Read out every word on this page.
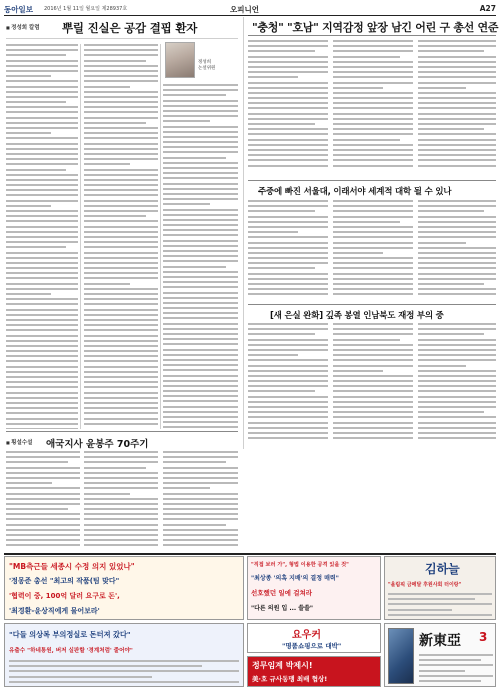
동아일보 2016년 1월 11일 월요일 제28937호	오피니언	A27
■ 정성희 칼럼 뿌릴 진실은 공감 결핍 환자
정성희
논설위원
■ 횡설수설 애국지사 윤봉주 70주기
"충청" "호남" 지역감정 앞장 남긴 어린 구 총선 연준
주중에 빠진 서울대, 이래서야 세계적 대학 될 수 있나
[새 은실 완화] 깊족 봉열 인남북도 재정 부의 중
"MB측근들 세종시 수정 의지 있었나"
'정몽준 총선 "최고의 작품(팀 맞다"
'협력이 중, 100억 달러 요구로 돈',
'최경환-윤상직에게 물어보라'
"직접 보러 가", 형법 이용한 공격 있을 것"
"최상종 '의혹 지배'의 결정 매력"
선호했던 일에 걸쳐라
"다른 의원 입 ... 쓸쓸"
김하늘
"올림픽 금메달 후원사회 터이랑"
"다들 의상복 부의정실로 돈터져 갔다"
유출수 "하네통원, 버저 실판할 '경계처럼' 줄어야"
요우커
"명품쇼핑으로 대박"
정무임계 박제시!
美·호 규사동맹 최배 협상!
新東亞 3
